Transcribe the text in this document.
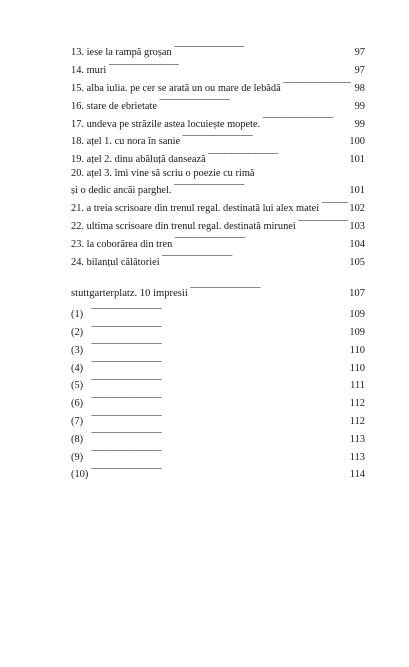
13. iese la rampă groșan . . .	97
14. muri . . .	97
15. alba iulia. pe cer se arată un ou mare de lebădă . . .	98
16. stare de ebrietate . . .	99
17. undeva pe străzile astea locuiește mopete. . . .	99
18. ațel 1. cu nora în sanie . . .	100
19. ațel 2. dinu abăluță dansează . . .	101
20. ațel 3. îmi vine să scriu o poezie cu rimă
și o dedic ancăi parghel. . . .	101
21. a treia scrisoare din trenul regal. destinată lui alex matei . . .	102
22. ultima scrisoare din trenul regal. destinată mirunei . . .	103
23. la coborârea din tren . . .	104
24. bilanțul călătoriei . . .	105
stuttgarterplatz. 10 impresii . . .	107
(1) . . .	109
(2) . . .	109
(3) . . .	110
(4) . . .	110
(5) . . .	111
(6) . . .	112
(7) . . .	112
(8) . . .	113
(9) . . .	113
(10) . . .	114
